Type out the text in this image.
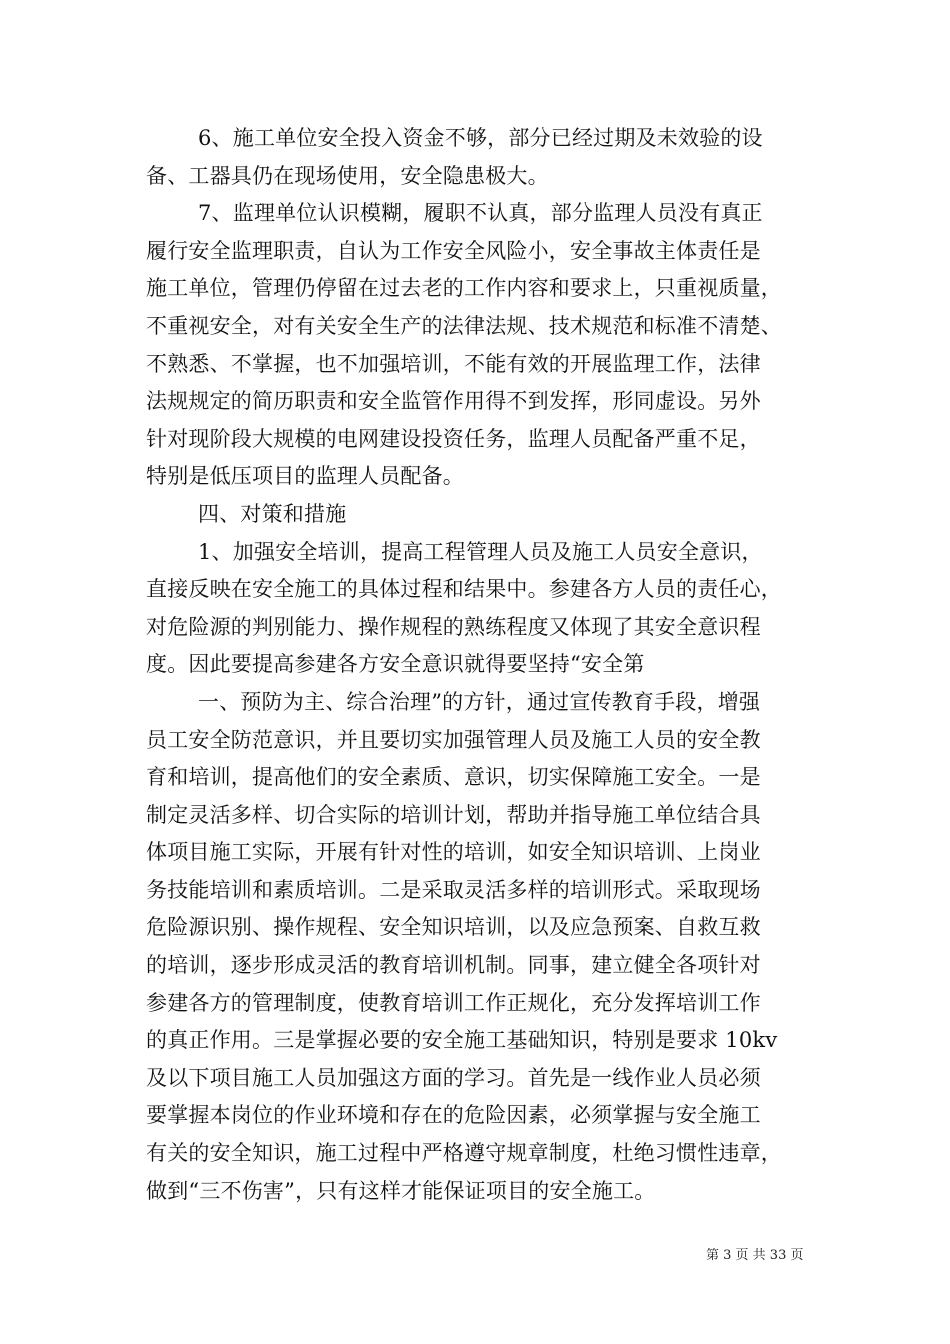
6、施工单位安全投入资金不够，部分已经过期及未效验的设
备、工器具仍在现场使用，安全隐患极大。
7、监理单位认识模糊，履职不认真，部分监理人员没有真正
履行安全监理职责，自认为工作安全风险小，安全事故主体责任是
施工单位，管理仍停留在过去老的工作内容和要求上，只重视质量，
不重视安全，对有关安全生产的法律法规、技术规范和标准不清楚、
不熟悉、不掌握，也不加强培训，不能有效的开展监理工作，法律
法规规定的简历职责和安全监管作用得不到发挥，形同虚设。另外
针对现阶段大规模的电网建设投资任务，监理人员配备严重不足，
特别是低压项目的监理人员配备。
四、对策和措施
1、加强安全培训，提高工程管理人员及施工人员安全意识，
直接反映在安全施工的具体过程和结果中。参建各方人员的责任心，
对危险源的判别能力、操作规程的熟练程度又体现了其安全意识程
度。因此要提高参建各方安全意识就得要坚持“安全第
一、预防为主、综合治理”的方针，通过宣传教育手段，增强
员工安全防范意识，并且要切实加强管理人员及施工人员的安全教
育和培训，提高他们的安全素质、意识，切实保障施工安全。一是
制定灵活多样、切合实际的培训计划，帮助并指导施工单位结合具
体项目施工实际，开展有针对性的培训，如安全知识培训、上岗业
务技能培训和素质培训。二是采取灵活多样的培训形式。采取现场
危险源识别、操作规程、安全知识培训，以及应急预案、自救互救
的培训，逐步形成灵活的教育培训机制。同事，建立健全各项针对
参建各方的管理制度，使教育培训工作正规化，充分发挥培训工作
的真正作用。三是掌握必要的安全施工基础知识，特别是要求 10kv
及以下项目施工人员加强这方面的学习。首先是一线作业人员必须
要掌握本岗位的作业环境和存在的危险因素，必须掌握与安全施工
有关的安全知识，施工过程中严格遵守规章制度，杜绝习惯性违章，
做到“三不伤害”，只有这样才能保证项目的安全施工。
第 3 页 共 33 页
